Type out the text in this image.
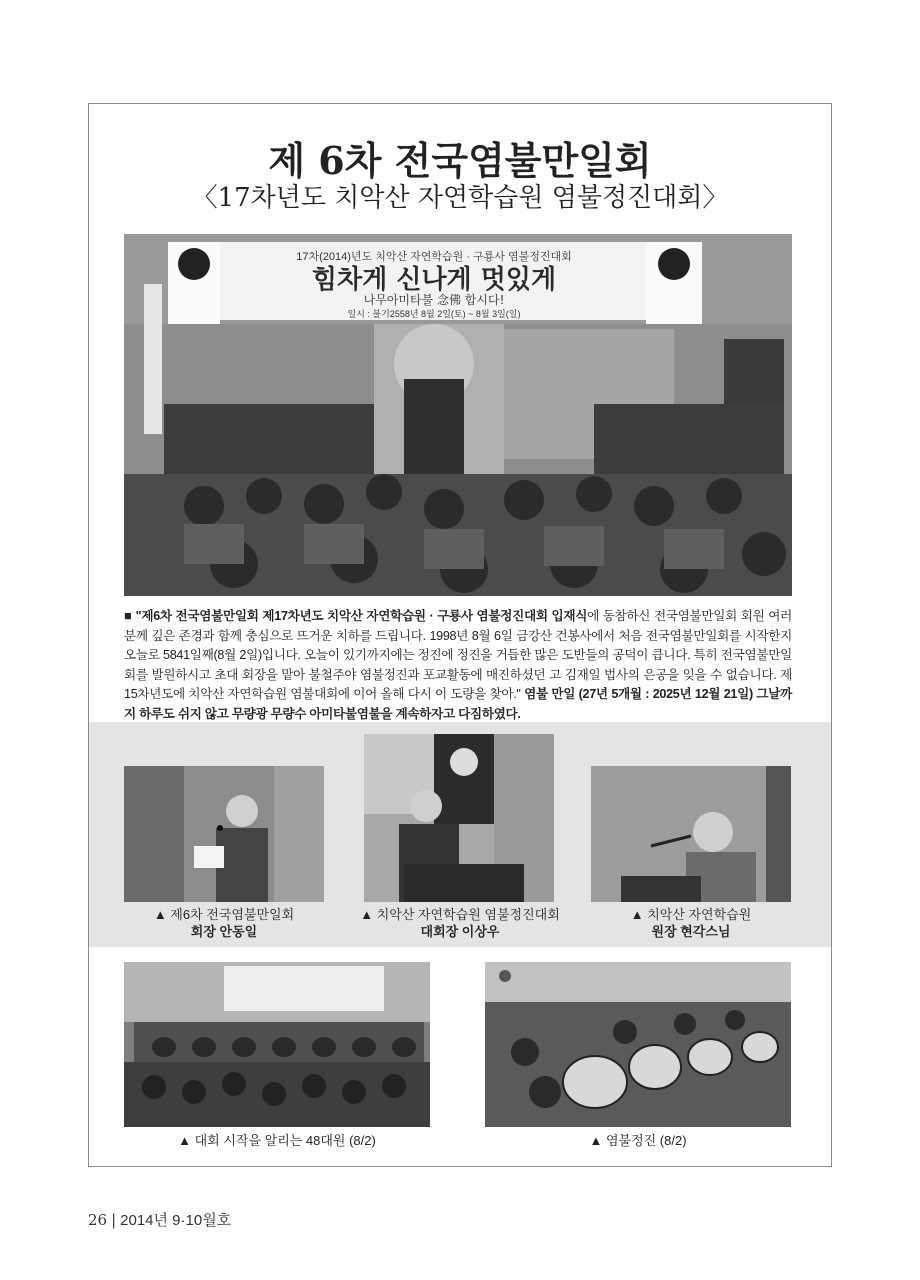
제 6차 전국염불만일회
〈17차년도 치악산 자연학습원 염불정진대회〉
17차(2014)년도 치악산 자연학습원 · 구룡사 염불정진대회
힘차게 신나게 멋있게
나무아미타불 念佛 합시다!
일시 : 불기2558년 8월 2일(토) ~ 8월 3일(일)
■ "제6차 전국염불만일회 제17차년도 치악산 자연학습원 · 구룡사 염불정진대회 입재식에 동참하신 전국염불만일회 회원 여러분께 깊은 존경과 함께 충심으로 뜨거운 치하를 드립니다. 1998년 8월 6일 금강산 건봉사에서 처음 전국염불만일회를 시작한지 오늘로 5841일째(8월 2일)입니다. 오늘이 있기까지에는 정진에 정진을 거듭한 많은 도반들의 공덕이 큽니다. 특히 전국염불만일회를 발원하시고 초대 회장을 맡아 불철주야 염불정진과 포교활동에 매진하셨던 고 김재일 법사의 은공을 잊을 수 없습니다. 제 15차년도에 치악산 자연학습원 염불대회에 이어 올해 다시 이 도량을 찾아." 염불 만일 (27년 5개월 : 2025년 12월 21일) 그날까지 하루도 쉬지 않고 무량광 무량수 아미타불염불을 계속하자고 다짐하였다.
▲ 제6차 전국염불만일회
회장 안동일
▲ 치악산 자연학습원 염불정진대회
대회장 이상우
▲ 치악산 자연학습원
원장 현각스님
▲ 대회 시작을 알리는 48대원 (8/2)	▲ 염불정진 (8/2)
26 | 2014년 9·10월호
